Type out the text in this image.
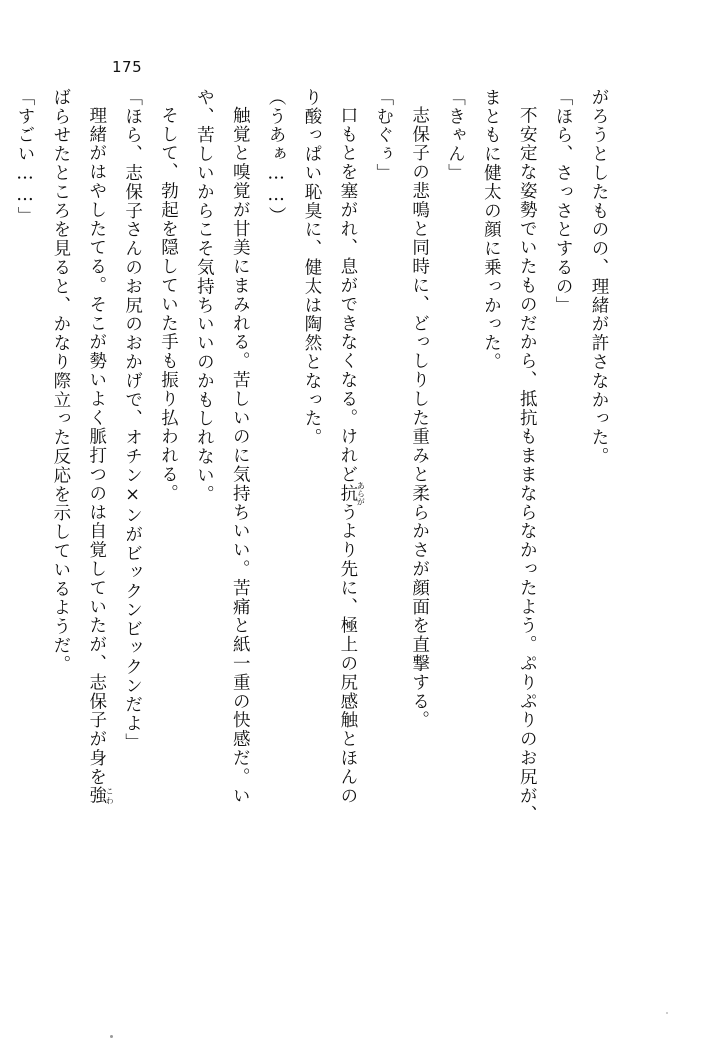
175
がろうとしたものの、理緒が許さなかった。
「ほら、さっさとするの」
不安定な姿勢でいたものだから、抵抗もままならなかったよう。ぷりぷりのお尻が、
まともに健太の顔に乗っかった。
「きゃん」
志保子の悲鳴と同時に、どっしりした重みと柔らかさが顔面を直撃する。
「むぐぅ」
口もとを塞がれ、息ができなくなる。けれど抗あらがうより先に、極上の尻感触とほんの
り酸っぱい恥臭に、健太は陶然となった。
（うあぁ……）
触覚と嗅覚が甘美にまみれる。苦しいのに気持ちいい。苦痛と紙一重の快感だ。い
や、苦しいからこそ気持ちいいのかもしれない。
そして、勃起を隠していた手も振り払われる。
「ほら、志保子さんのお尻のおかげで、オチン×ンがビックンビックンだよ」
理緒がはやしたてる。そこが勢いよく脈打つのは自覚していたが、志保子が身を強こわ
ばらせたところを見ると、かなり際立った反応を示しているようだ。
「すごい……」
